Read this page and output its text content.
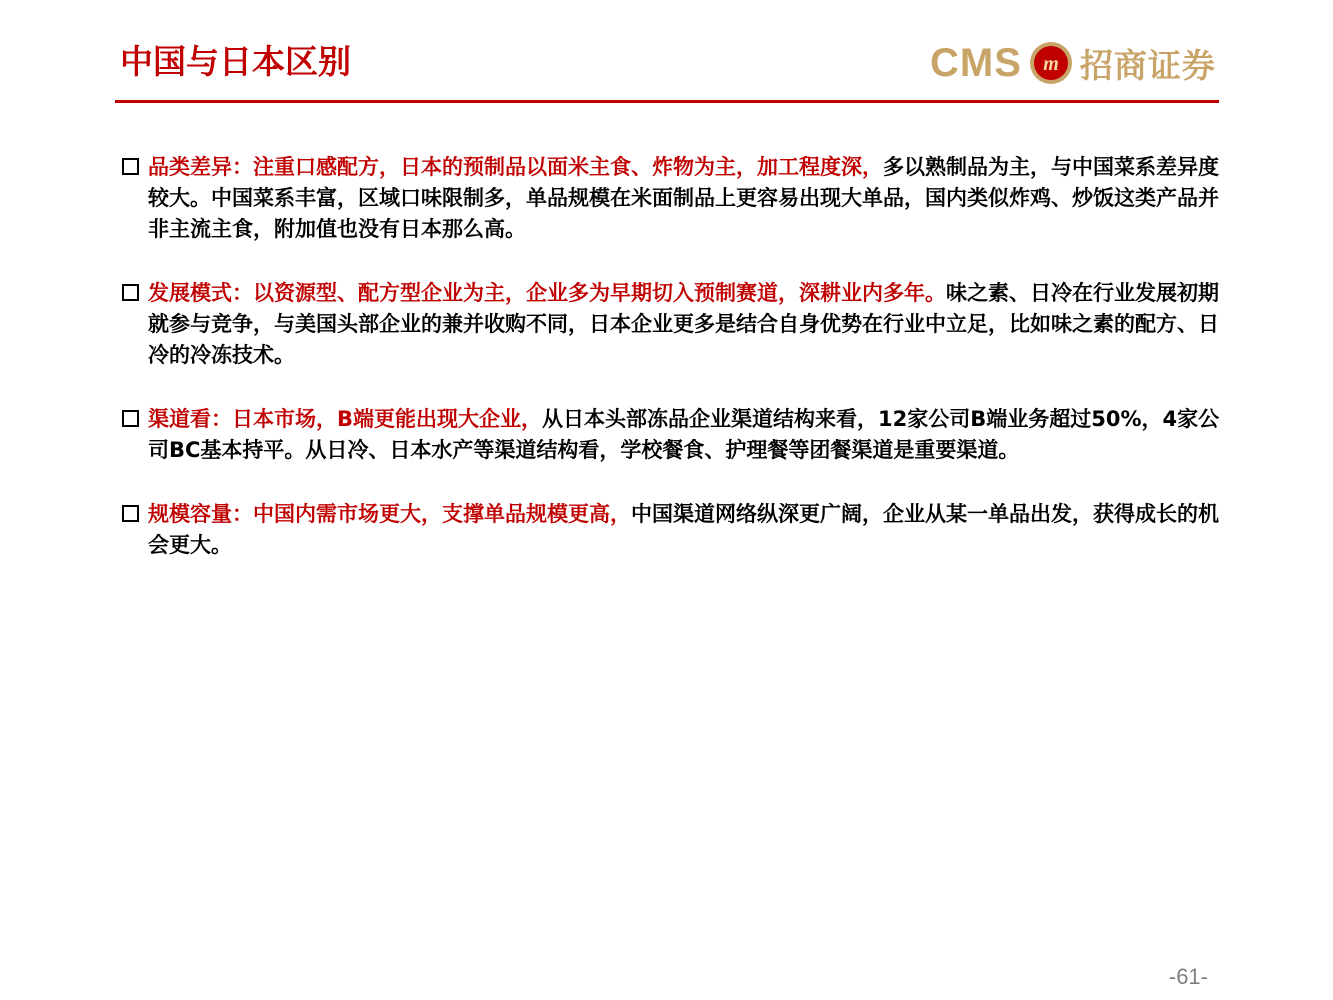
中国与日本区别	CMS m 招商证券
品类差异：注重口感配方，日本的预制品以面米主食、炸物为主，加工程度深，多以熟制品为主，与中国菜系差异度较大。中国菜系丰富，区域口味限制多，单品规模在米面制品上更容易出现大单品，国内类似炸鸡、炒饭这类产品并非主流主食，附加值也没有日本那么高。
发展模式：以资源型、配方型企业为主，企业多为早期切入预制赛道，深耕业内多年。味之素、日冷在行业发展初期就参与竞争，与美国头部企业的兼并收购不同，日本企业更多是结合自身优势在行业中立足，比如味之素的配方、日冷的冷冻技术。
渠道看：日本市场，B端更能出现大企业，从日本头部冻品企业渠道结构来看，12家公司B端业务超过50%，4家公司BC基本持平。从日冷、日本水产等渠道结构看，学校餐食、护理餐等团餐渠道是重要渠道。
规模容量：中国内需市场更大，支撑单品规模更高，中国渠道网络纵深更广阔，企业从某一单品出发，获得成长的机会更大。
-61-
